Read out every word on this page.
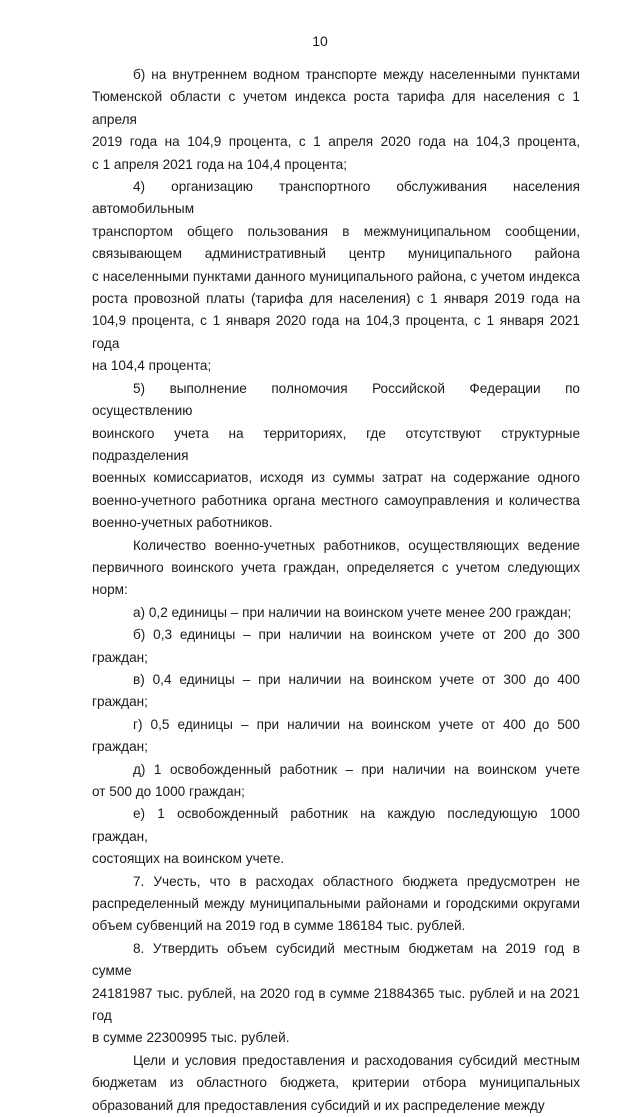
10
б) на внутреннем водном транспорте между населенными пунктами
Тюменской области с учетом индекса роста тарифа для населения с 1 апреля
2019 года на 104,9 процента, с 1 апреля 2020 года на 104,3 процента,
с 1 апреля 2021 года на 104,4 процента;
4) организацию транспортного обслуживания населения автомобильным
транспортом общего пользования в межмуниципальном сообщении,
связывающем административный центр муниципального района
с населенными пунктами данного муниципального района, с учетом индекса
роста провозной платы (тарифа для населения) с 1 января 2019 года на
104,9 процента, с 1 января 2020 года на 104,3 процента, с 1 января 2021 года
на 104,4 процента;
5) выполнение полномочия Российской Федерации по осуществлению
воинского учета на территориях, где отсутствуют структурные подразделения
военных комиссариатов, исходя из суммы затрат на содержание одного
военно-учетного работника органа местного самоуправления и количества
военно-учетных работников.
Количество военно-учетных работников, осуществляющих ведение
первичного воинского учета граждан, определяется с учетом следующих норм:
а) 0,2 единицы – при наличии на воинском учете менее 200 граждан;
б) 0,3 единицы – при наличии на воинском учете от 200 до 300 граждан;
в) 0,4 единицы – при наличии на воинском учете от 300 до 400 граждан;
г) 0,5 единицы – при наличии на воинском учете от 400 до 500 граждан;
д) 1 освобожденный работник – при наличии на воинском учете
от 500 до 1000 граждан;
е) 1 освобожденный работник на каждую последующую 1000 граждан,
состоящих на воинском учете.
7. Учесть, что в расходах областного бюджета предусмотрен не
распределенный между муниципальными районами и городскими округами
объем субвенций на 2019 год в сумме 186184 тыс. рублей.
8. Утвердить объем субсидий местным бюджетам на 2019 год в сумме
24181987 тыс. рублей, на 2020 год в сумме 21884365 тыс. рублей и на 2021 год
в сумме 22300995 тыс. рублей.
Цели и условия предоставления и расходования субсидий местным
бюджетам из областного бюджета, критерии отбора муниципальных
образований для предоставления субсидий и их распределение между
